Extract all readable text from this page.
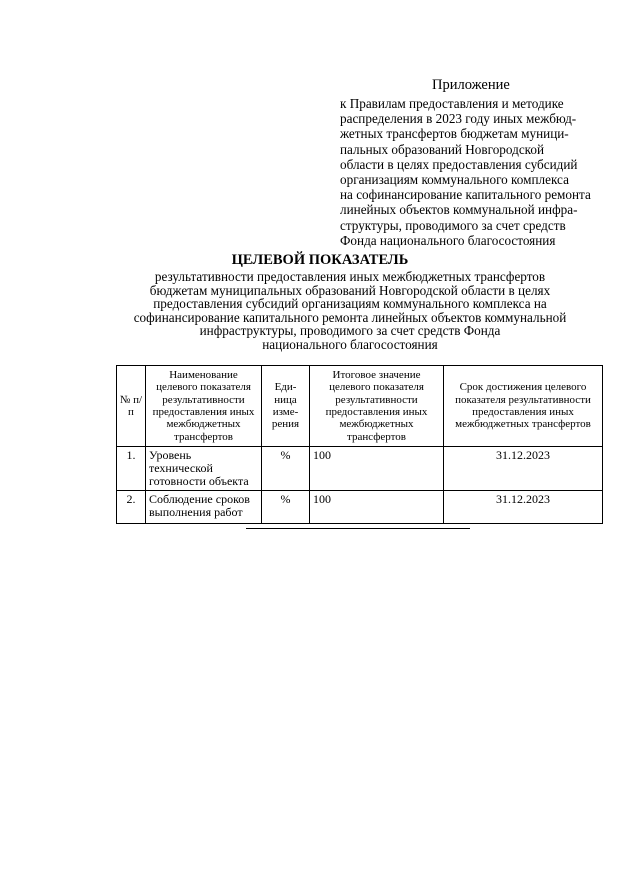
Приложение
к Правилам предоставления и методике
распределения в 2023 году иных межбюд-
жетных трансфертов бюджетам муници-
пальных образований Новгородской
области в целях предоставления субсидий
организациям коммунального комплекса
на софинансирование капитального ремонта
линейных объектов коммунальной инфра-
структуры, проводимого за счет средств
Фонда национального благосостояния
ЦЕЛЕВОЙ ПОКАЗАТЕЛЬ
результативности предоставления иных межбюджетных трансфертов
бюджетам муниципальных образований Новгородской области в целях
предоставления субсидий организациям коммунального комплекса на
софинансирование капитального ремонта линейных объектов коммунальной
инфраструктуры, проводимого за счет средств Фонда
национального благосостояния
№ п/п	Наименование целевого показателя результативности предоставления иных межбюджетных трансфертов	Еди-ница изме-рения	Итоговое значение целевого показателя результативности предоставления иных межбюджетных трансфертов	Срок достижения целевого показателя результативности предоставления иных межбюджетных трансфертов
1.	Уровень технической готовности объекта	%	100	31.12.2023
2.	Соблюдение сроков выполнения работ	%	100	31.12.2023
